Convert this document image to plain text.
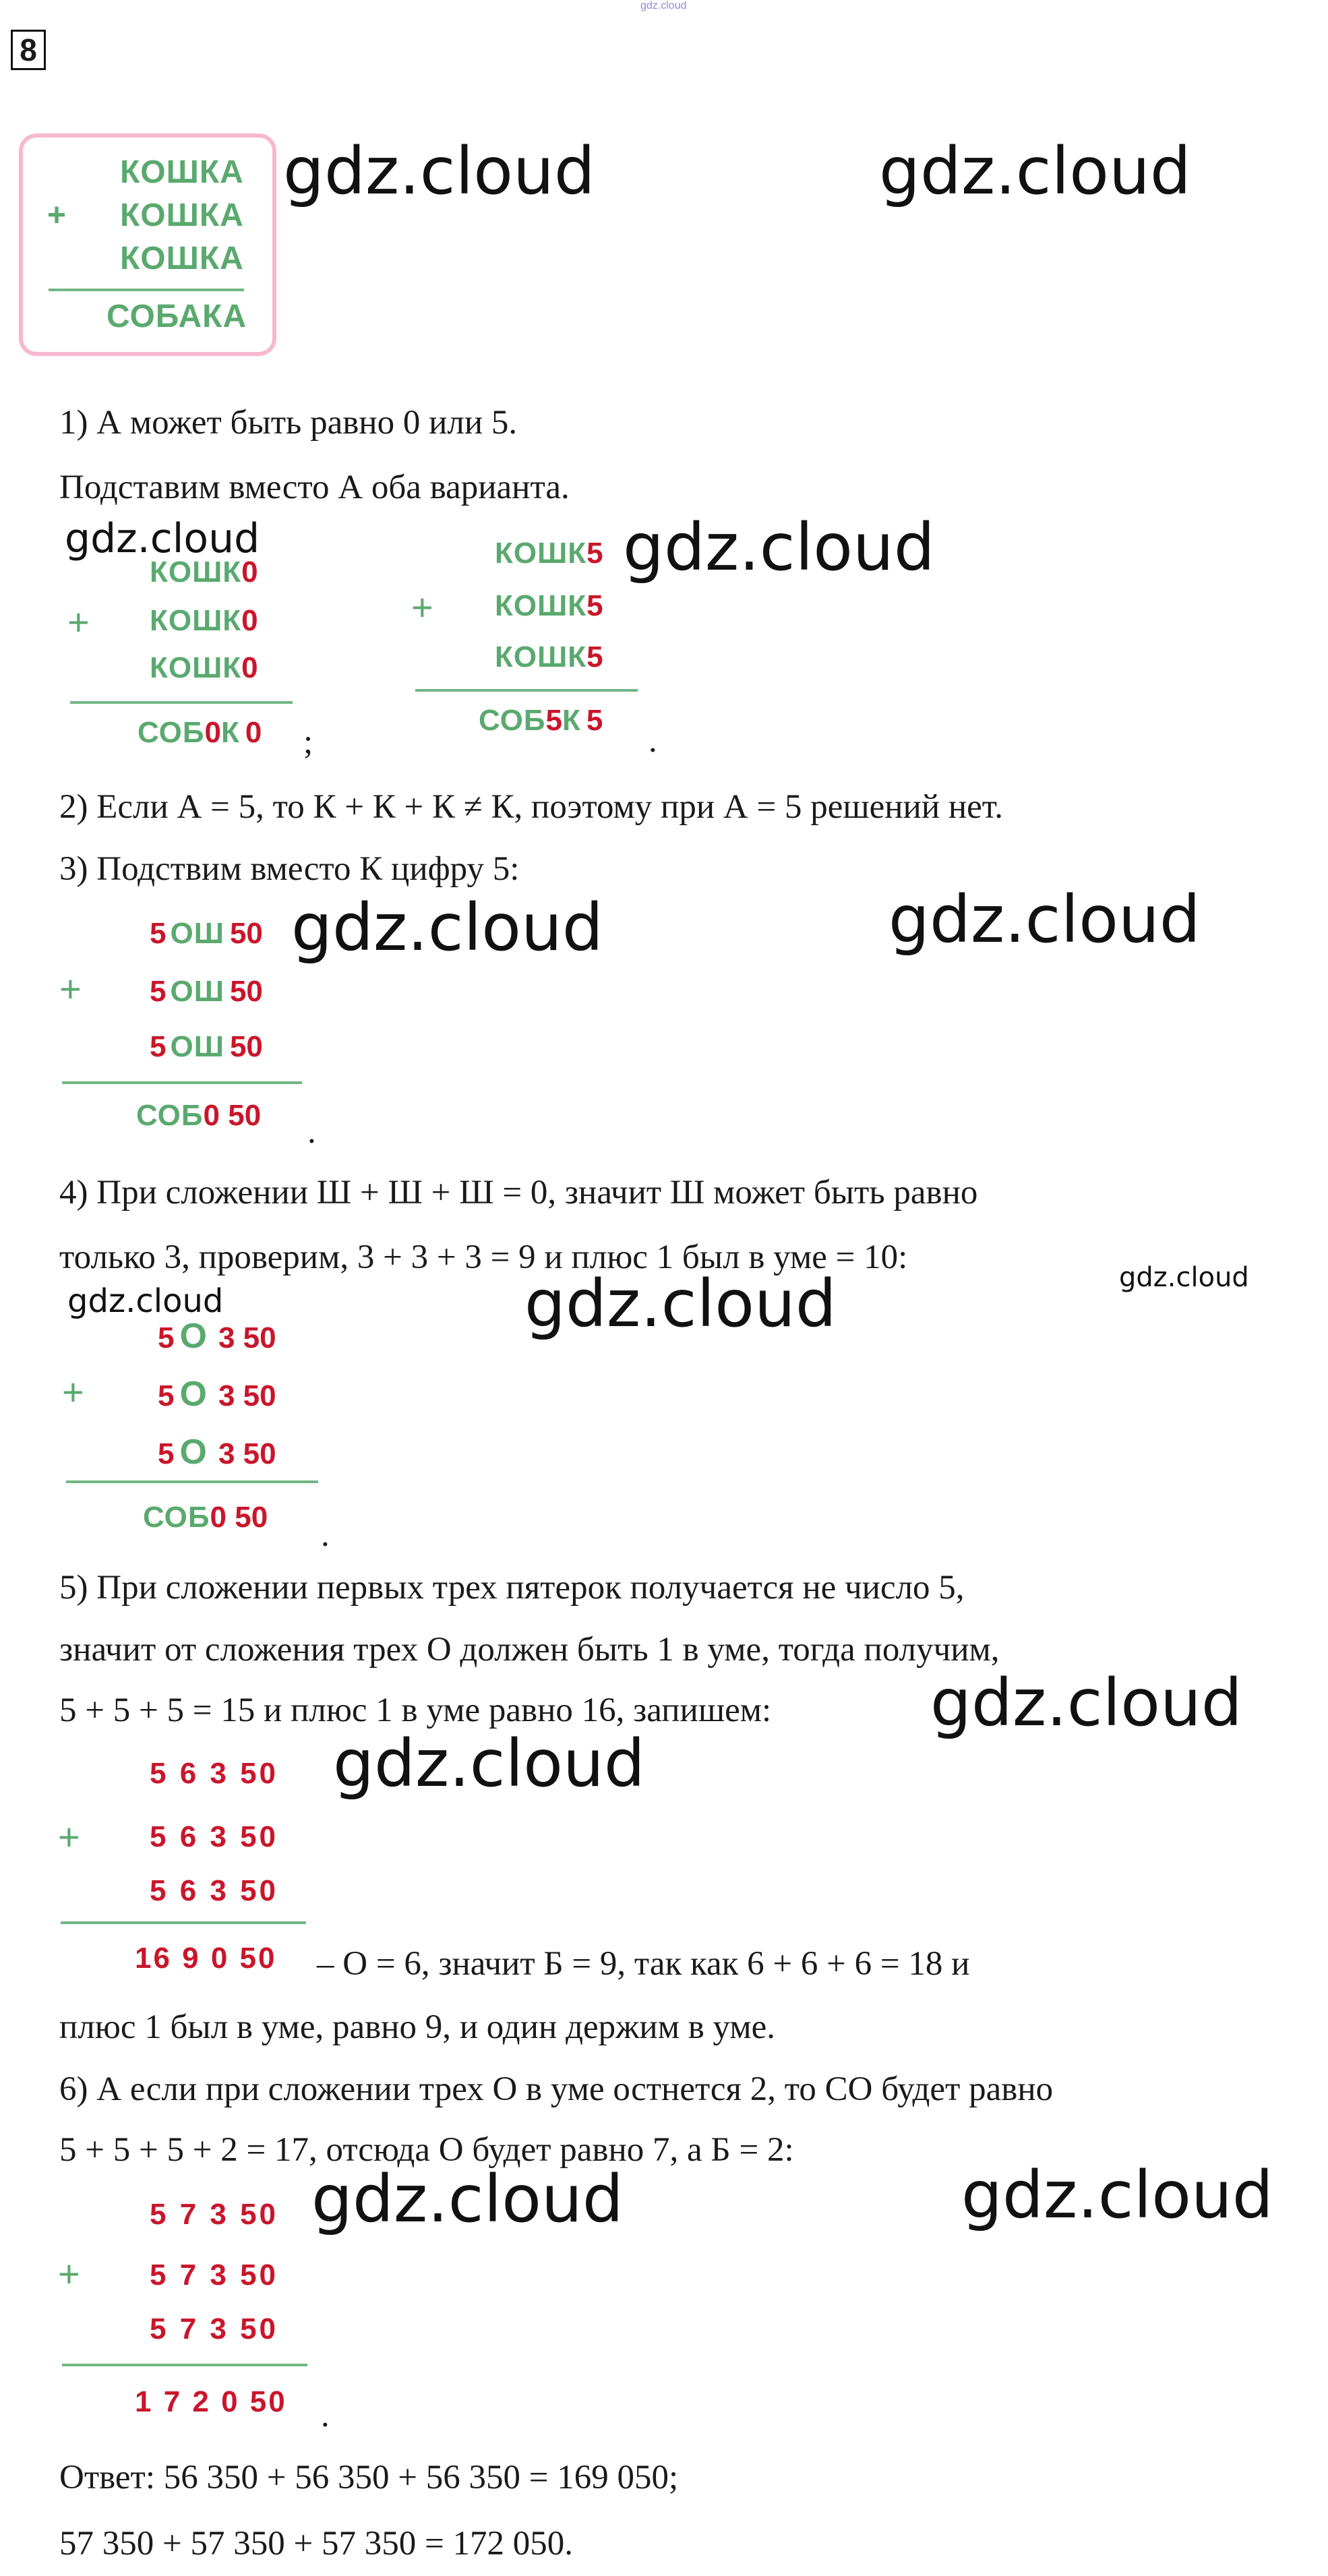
gdz.cloud
8
КОШКА
+ КОШКА
КОШКА
СОБАКА
gdz.cloud	gdz.cloud
1) А может быть равно 0 или 5.
Подставим вместо А оба варианта.
gdz.cloud
КОШК 0
+ КОШК 0
КОШК 0
СОБ 0 К 0 ;
КОШК 5
+ КОШК 5
КОШК 5
СОБ 5 К 5
.
gdz.cloud
2) Если А = 5, то К + К + К ≠ К, поэтому при А = 5 решений нет.
3) Подствим вместо К цифру 5:
gdz.cloud	gdz.cloud
5 ОШ 50
+ 5 ОШ 50
5 ОШ 50
СОБ 0 50 .
4) При сложении Ш + Ш + Ш = 0, значит Ш может быть равно
только 3, проверим, 3 + 3 + 3 = 9 и плюс 1 был в уме = 10:
gdz.cloud
gdz.cloud	gdz.cloud
5 О 3 50
+ 5 О 3 50
5 О 3 50
СОБ 0 50 .
5) При сложении первых трех пятерок получается не число 5,
значит от сложения трех О должен быть 1 в уме, тогда получим,
5 + 5 + 5 = 15 и плюс 1 в уме равно 16, запишем: gdz.cloud
gdz.cloud
5 6 3 50
+ 5 6 3 50
5 6 3 50
16 9 0 50 – О = 6, значит Б = 9, так как 6 + 6 + 6 = 18 и
плюс 1 был в уме, равно 9, и один держим в уме.
6) А если при сложении трех О в уме остнется 2, то СО будет равно
5 + 5 + 5 + 2 = 17, отсюда О будет равно 7, а Б = 2:
gdz.cloud	gdz.cloud
5 7 3 50
+ 5 7 3 50
5 7 3 50
1 7 2 0 50 .
Ответ: 56 350 + 56 350 + 56 350 = 169 050;
57 350 + 57 350 + 57 350 = 172 050.
